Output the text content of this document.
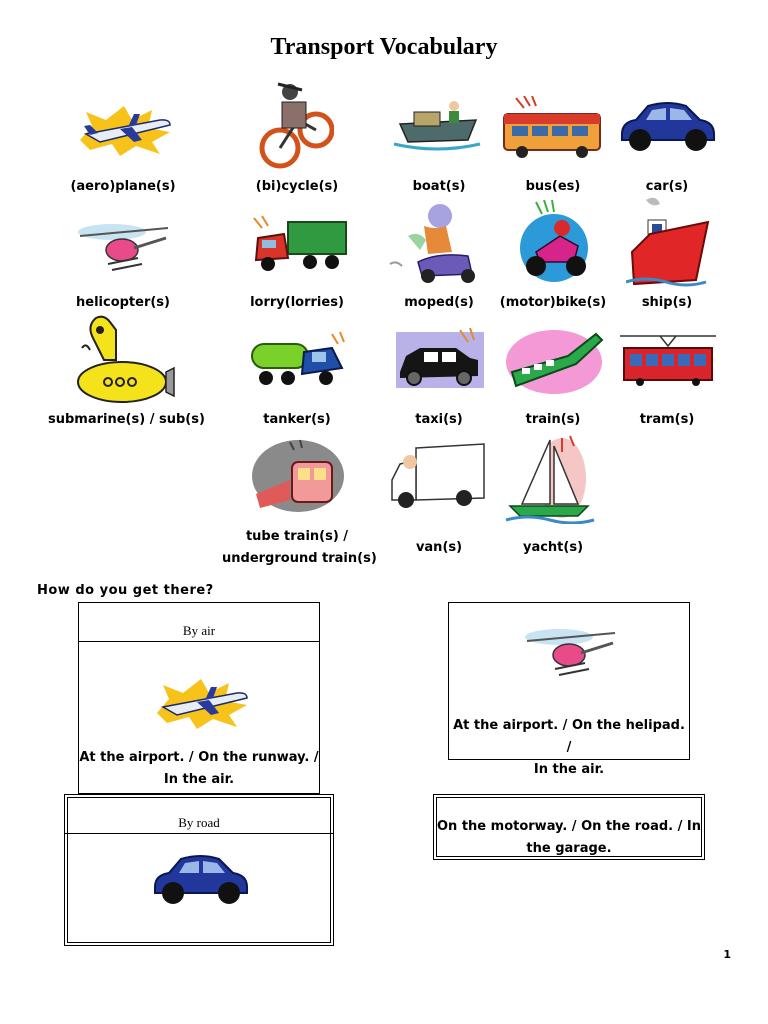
Transport Vocabulary
(aero)plane(s)	(bi)cycle(s)	boat(s)	bus(es)	car(s)
helicopter(s)	lorry(lorries)	moped(s)	(motor)bike(s)	ship(s)
submarine(s) / sub(s)	tanker(s)	taxi(s)	train(s)	tram(s)
tube train(s) /
underground train(s)
van(s)	yacht(s)
How do you get there?
By air
At the airport. / On the runway. /
In the air.
At the airport. / On the helipad. /
In the air.
By road	On the motorway. / On the road. / In
the garage.
1
